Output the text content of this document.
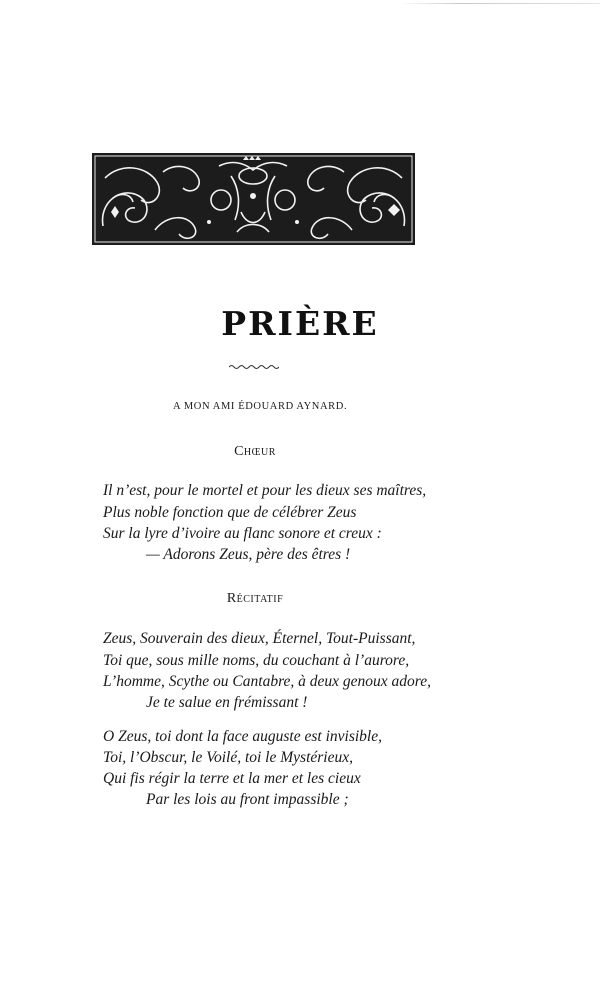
PRIÈRE
A MON AMI ÉDOUARD AYNARD.
Chœur
Il n’est, pour le mortel et pour les dieux ses maîtres,
Plus noble fonction que de célébrer Zeus
Sur la lyre d’ivoire au flanc sonore et creux :
— Adorons Zeus, père des êtres !
Récitatif
Zeus, Souverain des dieux, Éternel, Tout-Puissant,
Toi que, sous mille noms, du couchant à l’aurore,
L’homme, Scythe ou Cantabre, à deux genoux adore,
Je te salue en frémissant !
O Zeus, toi dont la face auguste est invisible,
Toi, l’Obscur, le Voilé, toi le Mystérieux,
Qui fis régir la terre et la mer et les cieux
Par les lois au front impassible ;
